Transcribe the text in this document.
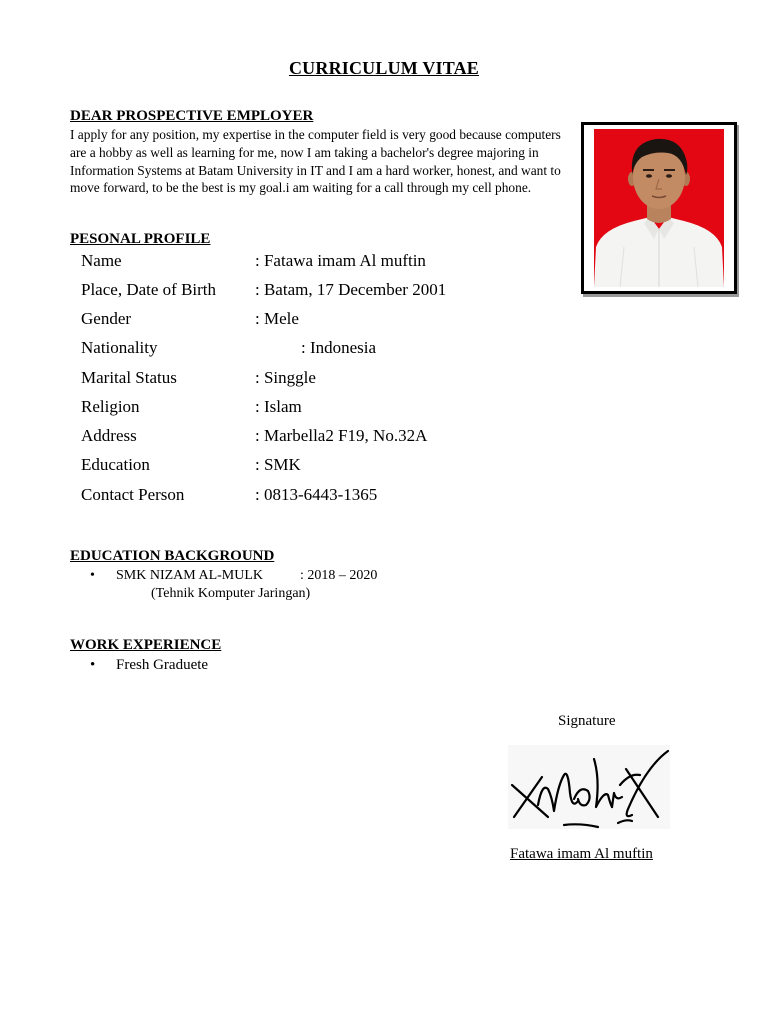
CURRICULUM VITAE
DEAR PROSPECTIVE EMPLOYER

I apply for any position, my expertise in the computer field is very good because computers are a hobby as well as learning for me, now I am taking a bachelor's degree majoring in Information Systems at Batam University in IT and I am a hard worker, honest, and want to move forward, to be the best is my goal.i am waiting for a call through my cell phone.

PESONAL PROFILE
Name	: Fatawa imam Al muftin
Place, Date of Birth : Batam, 17 December 2001
Gender	: Mele
Nationality	: Indonesia
Marital Status	: Singgle
Religion	: Islam
Address	: Marbella2 F19, No.32A
Education	: SMK
Contact Person	: 0813-6443-1365
EDUCATION BACKGROUND
• SMK NIZAM AL-MULK	: 2018 – 2020
(Tehnik Komputer Jaringan)
WORK EXPERIENCE
• Fresh Graduete
Signature
Fatawa imam Al muftin
